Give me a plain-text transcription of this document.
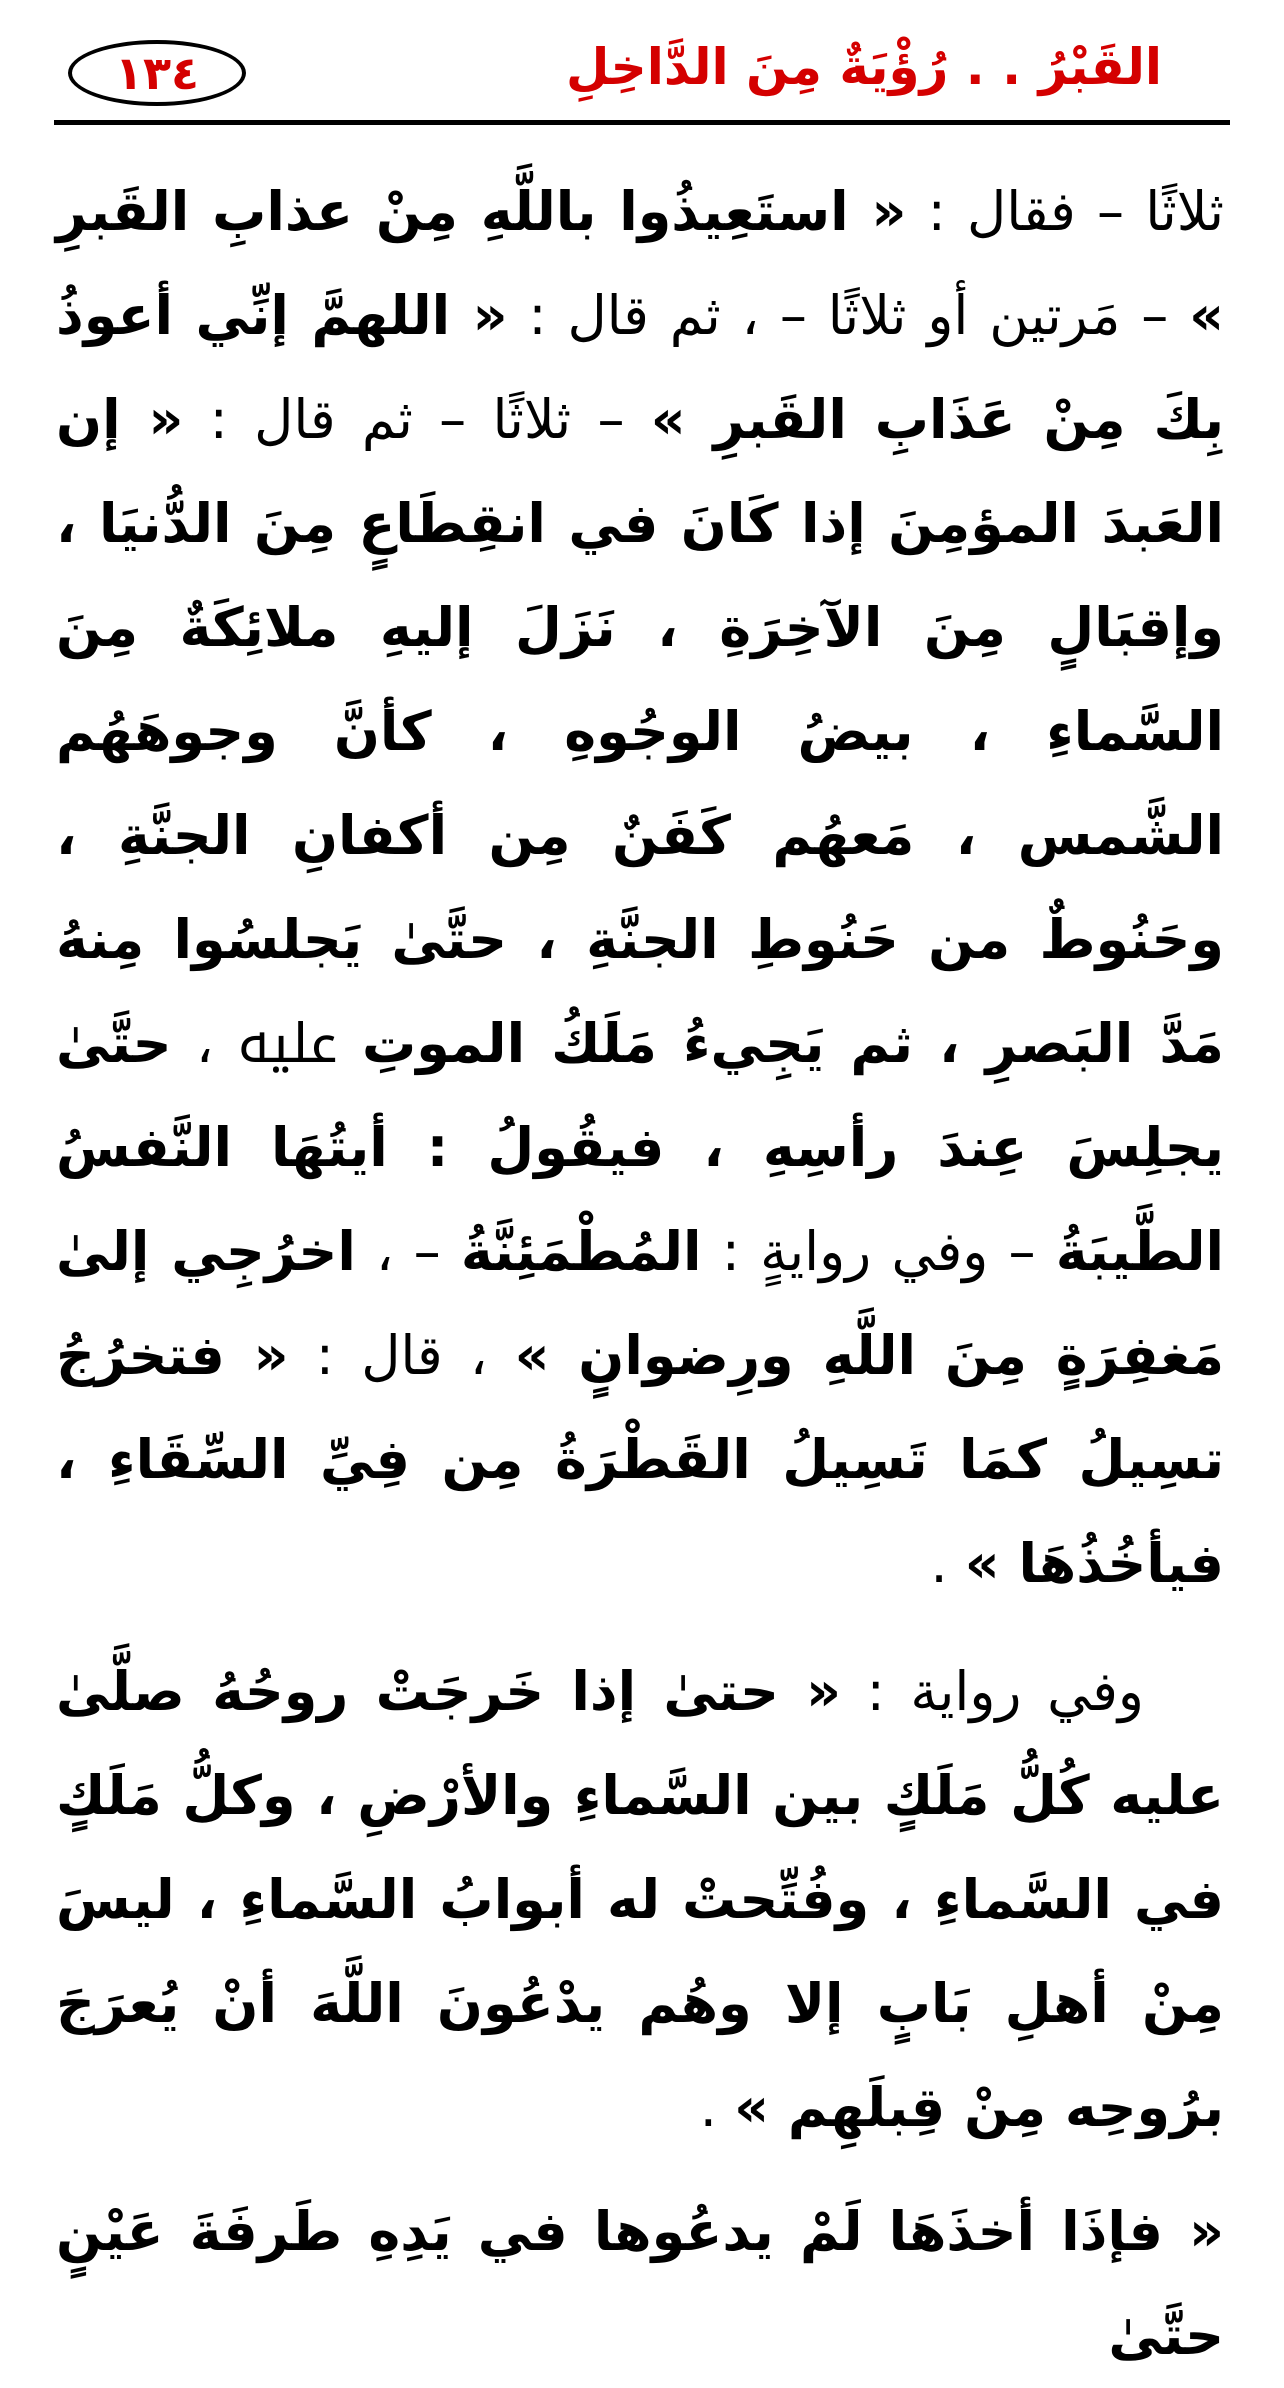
١٣٤	القَبْرُ . . رُؤْيَةٌ مِنَ الدَّاخِلِ

ثلاثًا – فقال : « استَعِيذُوا باللَّهِ مِنْ عذابِ القَبرِ » – مَرتين أو ثلاثًا – ، ثم قال : « اللهمَّ إنِّي أعوذُ بِكَ مِنْ عَذَابِ القَبرِ » – ثلاثًا – ثم قال : « إن العَبدَ المؤمِنَ إذا كَانَ في انقِطَاعٍ مِنَ الدُّنيَا ، وإقبَالٍ مِنَ الآخِرَةِ ، نَزَلَ إليهِ ملائِكَةٌ مِنَ السَّماءِ ، بيضُ الوجُوهِ ، كأنَّ وجوهَهُم الشَّمس ، مَعهُم كَفَنٌ مِن أكفانِ الجنَّةِ ، وحَنُوطٌ من حَنُوطِ الجنَّةِ ، حتَّىٰ يَجلسُوا مِنهُ مَدَّ البَصرِ ، ثم يَجِيءُ مَلَكُ الموتِ ﷷ ، حتَّىٰ يجلِسَ عِندَ رأسِهِ ، فيقُولُ : أيتُهَا النَّفسُ الطَّيبَةُ – وفي روايةٍ : المُطْمَئِنَّةُ – ، اخرُجِي إلىٰ مَغفِرَةٍ مِنَ اللَّهِ ورِضوانٍ » ، قال : « فتخرُجُ تسِيلُ كمَا تَسِيلُ القَطْرَةُ مِن فِيِّ السِّقَاءِ ، فيأخُذُهَا » .

وفي رواية : « حتىٰ إذا خَرجَتْ روحُهُ صلَّىٰ عليه كُلُّ مَلَكٍ بين السَّماءِ والأرْضِ ، وكلُّ مَلَكٍ في السَّماءِ ، وفُتِّحتْ له أبوابُ السَّماءِ ، ليسَ مِنْ أهلِ بَابٍ إلا وهُم يدْعُونَ اللَّهَ أنْ يُعرَجَ برُوحِه مِنْ قِبلَهِم » .

« فإذَا أخذَهَا لَمْ يدعُوها في يَدِهِ طَرفَةَ عَيْنٍ حتَّىٰ
